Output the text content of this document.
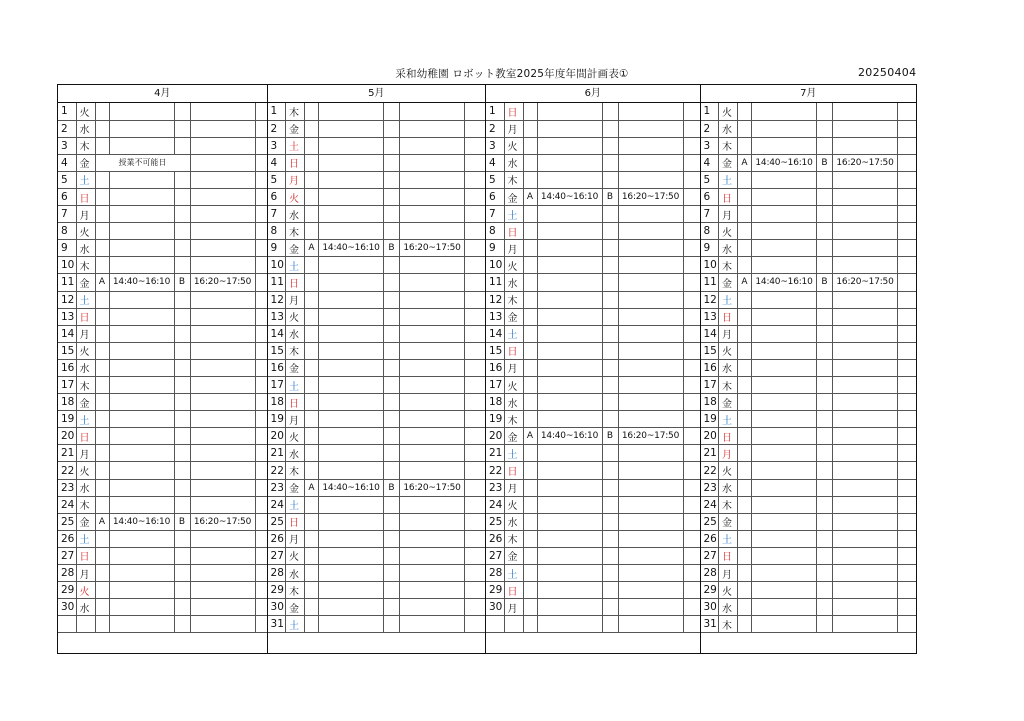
采和幼稚園 ロボット教室2025年度年間計画表①	20250404
4月
1	火					
2	水					
3	木					
4	金	授業不可能日				
5	土					
6	日					
7	月					
8	火					
9	水					
10	木					
11	金	A	14:40~16:10	B	16:20~17:50	
12	土					
13	日					
14	月					
15	火					
16	水					
17	木					
18	金					
19	土					
20	日					
21	月					
22	火					
23	水					
24	木					
25	金	A	14:40~16:10	B	16:20~17:50	
26	土					
27	日					
28	月					
29	火					
30	水					

5月
1	木					
2	金					
3	土					
4	日					
5	月					
6	火					
7	水					
8	木					
9	金	A	14:40~16:10	B	16:20~17:50	
10	土					
11	日					
12	月					
13	火					
14	水					
15	木					
16	金					
17	土					
18	日					
19	月					
20	火					
21	水					
22	木					
23	金	A	14:40~16:10	B	16:20~17:50	
24	土					
25	日					
26	月					
27	火					
28	水					
29	木					
30	金					
31	土					
6月
1	日					
2	月					
3	火					
4	水					
5	木					
6	金	A	14:40~16:10	B	16:20~17:50	
7	土					
8	日					
9	月					
10	火					
11	水					
12	木					
13	金					
14	土					
15	日					
16	月					
17	火					
18	水					
19	木					
20	金	A	14:40~16:10	B	16:20~17:50	
21	土					
22	日					
23	月					
24	火					
25	水					
26	木					
27	金					
28	土					
29	日					
30	月					

7月
1	火					
2	水					
3	木					
4	金	A	14:40~16:10	B	16:20~17:50	
5	土					
6	日					
7	月					
8	火					
9	水					
10	木					
11	金	A	14:40~16:10	B	16:20~17:50	
12	土					
13	日					
14	月					
15	火					
16	水					
17	木					
18	金					
19	土					
20	日					
21	月					
22	火					
23	水					
24	木					
25	金					
26	土					
27	日					
28	月					
29	火					
30	水					
31	木					
